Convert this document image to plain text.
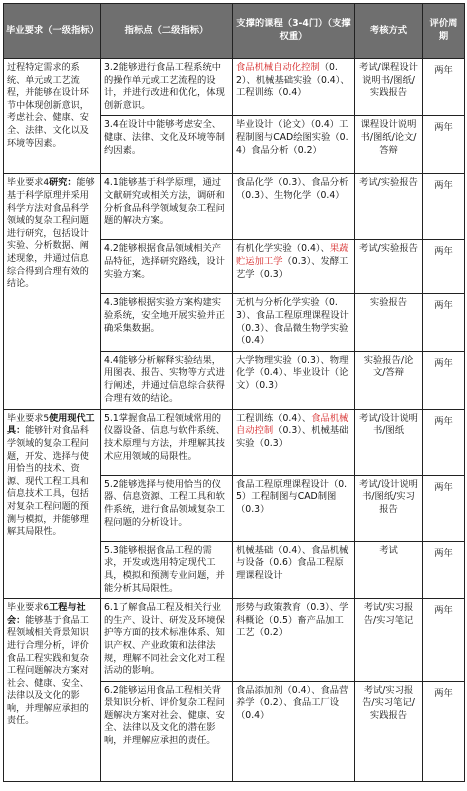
毕业要求（一级指标）	指标点（二级指标）	支撑的课程（3-4门）（支撑权重）	考核方式	评价周期
过程特定需求的系统、单元或工艺流程，并能够在设计环节中体现创新意识，考虑社会、健康、安全、法律、文化以及环境等因素。	3.2能够进行食品工程系统中的操作单元或工艺流程的设计，并进行改进和优化，体现创新意识。	食品机械自动化控制（0.2）、机械基础实验（0.4）、工程训练（0.4）	考试/课程设计说明书/图纸/实践报告	两年
	3.4在设计中能够考虑安全、健康、法律、文化及环境等制约因素。	毕业设计（论文）（0.4）工程制图与CAD绘图实验（0.4）食品分析（0.2）	课程设计说明书/图纸/论文/答辩	两年
毕业要求4研究：能够基于科学原理并采用科学方法对食品科学领域的复杂工程问题进行研究，包括设计实验、分析数据、阐述现象，并通过信息综合得到合理有效的结论。	4.1能够基于科学原理，通过文献研究或相关方法，调研和分析食品科学领域复杂工程问题的解决方案。	食品化学（0.3）、食品分析（0.3）、生物化学（0.4）	考试/实验报告	两年
	4.2能够根据食品领域相关产品特征，选择研究路线，设计实验方案。	有机化学实验（0.4）、果蔬贮运加工学（0.3）、发酵工艺学（0.3）	考试/实验报告	两年
	4.3能够根据实验方案构建实验系统，安全地开展实验并正确采集数据。	无机与分析化学实验（0.3）、食品工程原理课程设计（0.3）、食品微生物学实验（0.4）	实验报告	两年
	4.4能够分析解释实验结果，用图表、报告、实物等方式进行阐述，并通过信息综合获得合理有效的结论。	大学物理实验（0.3）、物理化学（0.4）、毕业设计（论文）（0.3）	实验报告/论文/答辩	两年
毕业要求5使用现代工具：能够针对食品科学领域的复杂工程问题，开发、选择与使用恰当的技术、资源、现代工程工具和信息技术工具，包括对复杂工程问题的预测与模拟，并能够理解其局限性。	5.1掌握食品工程领域常用的仪器设备、信息与软件系统、技术原理与方法，并理解其技术应用领域的局限性。	工程训练（0.4）、食品机械自动控制（0.3）、机械基础实验（0.3）	考试/设计说明书/图纸	两年
	5.2能够选择与使用恰当的仪器、信息资源、工程工具和软件系统，进行食品领域复杂工程问题的分析设计。	食品工程原理课程设计（0.5）工程制图与CAD制图（0.3）	考试/设计说明书/图纸/实习报告	两年
	5.3能够根据食品工程的需求，开发或选用特定现代工具，模拟和预测专业问题，并能分析其局限性。	机械基础（0.4）、食品机械与设备（0.6）食品工程原理课程设计	考试	两年
毕业要求6工程与社会：能够基于食品工程领域相关背景知识进行合理分析，评价食品工程实践和复杂工程问题解决方案对社会、健康、安全、法律以及文化的影响，并理解应承担的责任。	6.1了解食品工程及相关行业的生产、设计、研发及环境保护等方面的技术标准体系、知识产权、产业政策和法律法规，理解不同社会文化对工程活动的影响。	形势与政策教育（0.3）、学科概论（0.5）畜产品加工工艺（0.2）	考试/实习报告/实习笔记	两年
	6.2能够运用食品工程相关背景知识分析、评价复杂工程问题解决方案对社会、健康、安全、法律以及文化的潜在影响，并理解应承担的责任。	食品添加剂（0.4）、食品营养学（0.2）、食品工厂设（0.4）	考试/实习报告/实习笔记/实践报告	两年
